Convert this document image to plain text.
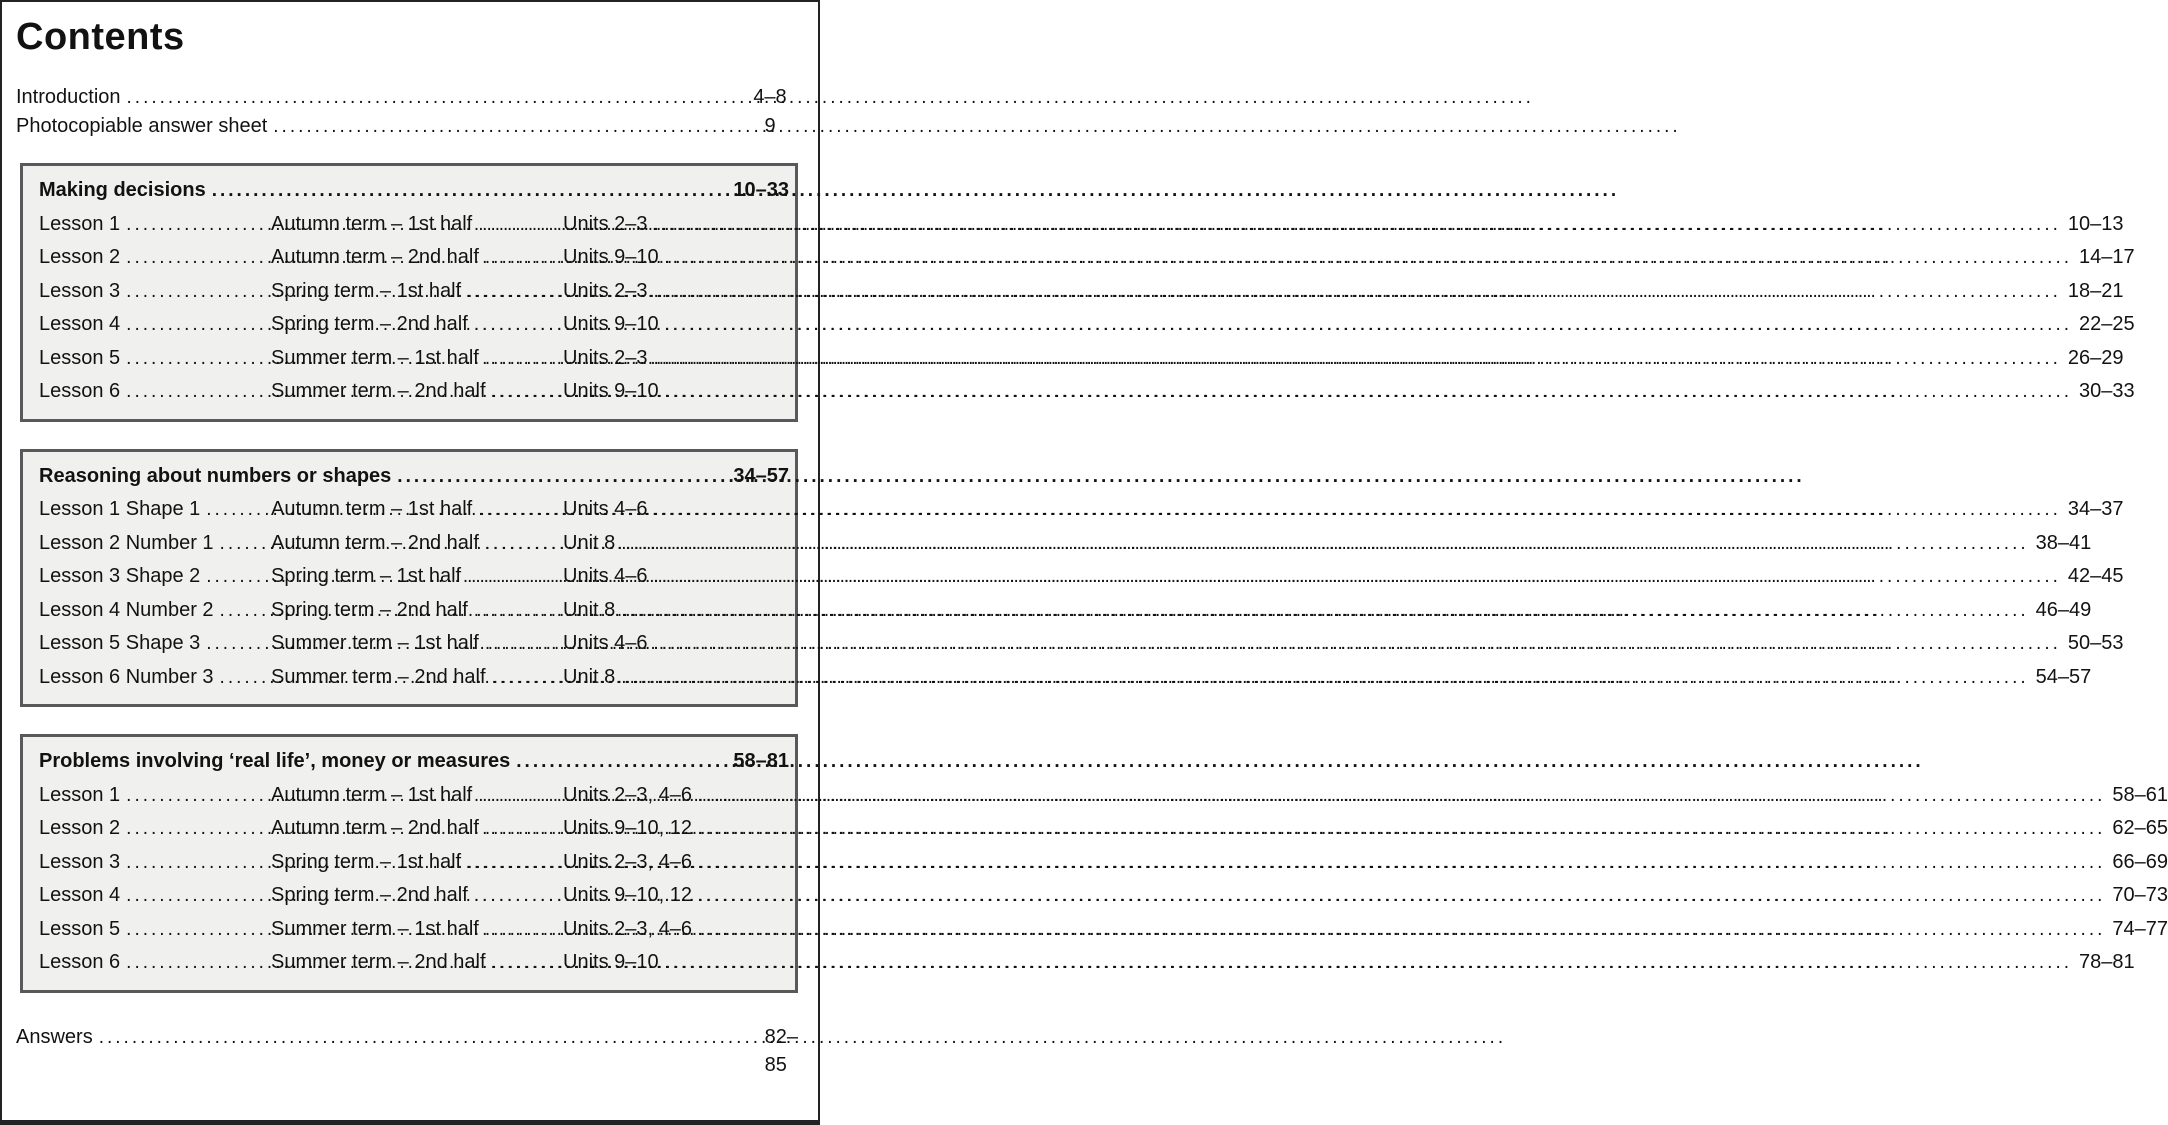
Contents
Introduction .....	4–8
Photocopiable answer sheet .....	9
Making decisions .....	10–33
Lesson 1 .....	Autumn term – 1st half .....	Units 2–3 .....	10–13
Lesson 2 .....	Autumn term – 2nd half .....	Units 9–10 .....	14–17
Lesson 3 .....	Spring term – 1st half .....	Units 2–3 .....	18–21
Lesson 4 .....	Spring term – 2nd half .....	Units 9–10 .....	22–25
Lesson 5 .....	Summer term – 1st half .....	Units 2–3 .....	26–29
Lesson 6 .....	Summer term – 2nd half .....	Units 9–10 .....	30–33
Reasoning about numbers or shapes .....	34–57
Lesson 1 Shape 1 .....	Autumn term – 1st half .....	Units 4–6 .....	34–37
Lesson 2 Number 1 .....	Autumn term – 2nd half .....	Unit 8 .....	38–41
Lesson 3 Shape 2 .....	Spring term – 1st half .....	Units 4–6 .....	42–45
Lesson 4 Number 2 .....	Spring term – 2nd half .....	Unit 8 .....	46–49
Lesson 5 Shape 3 .....	Summer term – 1st half .....	Units 4–6 .....	50–53
Lesson 6 Number 3 .....	Summer term – 2nd half .....	Unit 8 .....	54–57
Problems involving ‘real life’, money or measures .....	58–81
Lesson 1 .....	Autumn term – 1st half .....	Units 2–3, 4–6 .....	58–61
Lesson 2 .....	Autumn term – 2nd half .....	Units 9–10, 12 .....	62–65
Lesson 3 .....	Spring term – 1st half .....	Units 2–3, 4–6 .....	66–69
Lesson 4 .....	Spring term – 2nd half .....	Units 9–10, 12 .....	70–73
Lesson 5 .....	Summer term – 1st half .....	Units 2–3, 4–6 .....	74–77
Lesson 6 .....	Summer term – 2nd half .....	Units 9–10 .....	78–81
Answers .....	82–85
